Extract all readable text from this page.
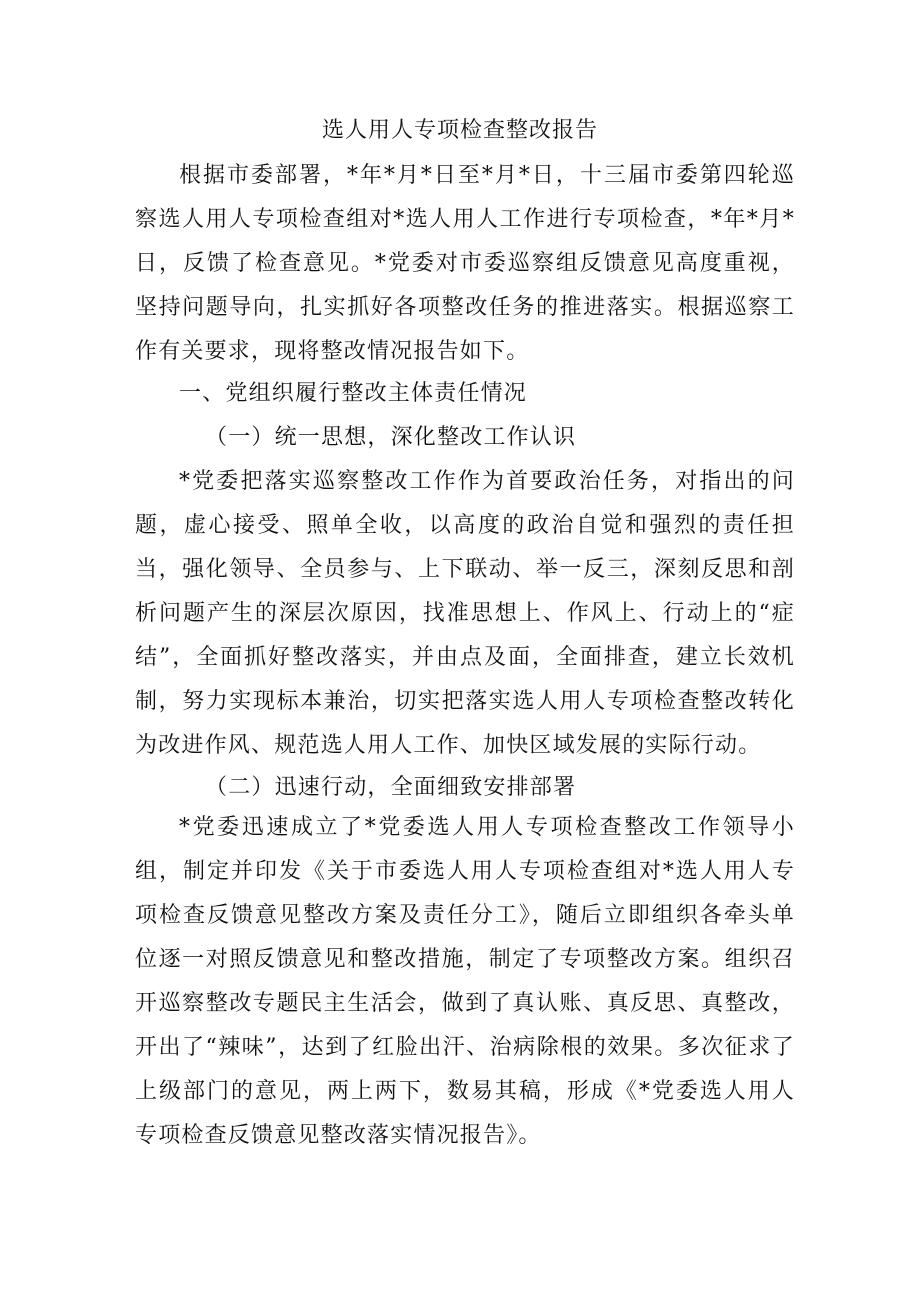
选人用人专项检查整改报告

根据市委部署，*年*月*日至*月*日，十三届市委第四轮巡察选人用人专项检查组对*选人用人工作进行专项检查，*年*月*日，反馈了检查意见。*党委对市委巡察组反馈意见高度重视，坚持问题导向，扎实抓好各项整改任务的推进落实。根据巡察工作有关要求，现将整改情况报告如下。

一、党组织履行整改主体责任情况
（一）统一思想，深化整改工作认识

*党委把落实巡察整改工作作为首要政治任务，对指出的问题，虚心接受、照单全收，以高度的政治自觉和强烈的责任担当，强化领导、全员参与、上下联动、举一反三，深刻反思和剖析问题产生的深层次原因，找准思想上、作风上、行动上的“症结”，全面抓好整改落实，并由点及面，全面排查，建立长效机制，努力实现标本兼治，切实把落实选人用人专项检查整改转化为改进作风、规范选人用人工作、加快区域发展的实际行动。

（二）迅速行动，全面细致安排部署

*党委迅速成立了*党委选人用人专项检查整改工作领导小组，制定并印发《关于市委选人用人专项检查组对*选人用人专项检查反馈意见整改方案及责任分工》，随后立即组织各牵头单位逐一对照反馈意见和整改措施，制定了专项整改方案。组织召开巡察整改专题民主生活会，做到了真认账、真反思、真整改，开出了“辣味”，达到了红脸出汗、治病除根的效果。多次征求了上级部门的意见，两上两下，数易其稿，形成《*党委选人用人专项检查反馈意见整改落实情况报告》。
